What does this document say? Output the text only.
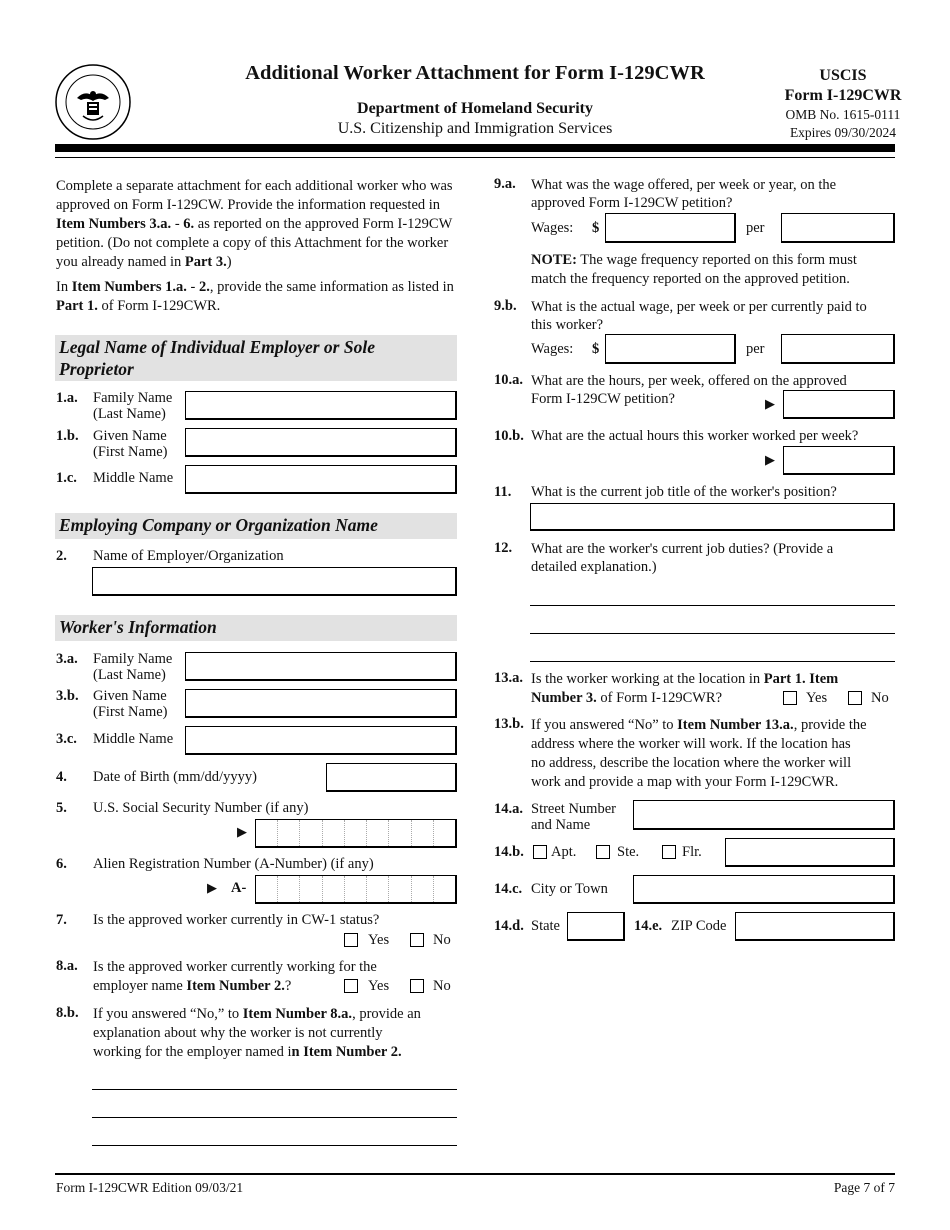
Additional Worker Attachment for Form I-129CWR
Department of Homeland Security
U.S. Citizenship and Immigration Services
USCIS
Form I-129CWR
OMB No. 1615-0111
Expires 09/30/2024
Complete a separate attachment for each additional worker who was approved on Form I-129CW. Provide the information requested in Item Numbers 3.a. - 6. as reported on the approved Form I-129CW petition. (Do not complete a copy of this Attachment for the worker you already named in Part 3.)
In Item Numbers 1.a. - 2., provide the same information as listed in Part 1. of Form I-129CWR.
Legal Name of Individual Employer or Sole Proprietor
1.a. Family Name
(Last Name)
1.b. Given Name
(First Name)
1.c. Middle Name
Employing Company or Organization Name
2. Name of Employer/Organization
Worker's Information
3.a. Family Name
(Last Name)
3.b. Given Name
(First Name)
3.c. Middle Name
4. Date of Birth (mm/dd/yyyy)
5. U.S. Social Security Number (if any)
▶
6. Alien Registration Number (A-Number) (if any)
▶ A-
7. Is the approved worker currently in CW-1 status?
Yes	No
8.a. Is the approved worker currently working for the
employer name Item Number 2.?	Yes	No
8.b. If you answered “No,” to Item Number 8.a., provide an
explanation about why the worker is not currently
working for the employer named in Item Number 2.
9.a. What was the wage offered, per week or year, on the
approved Form I-129CW petition?
Wages: $	per
NOTE: The wage frequency reported on this form must
match the frequency reported on the approved petition.
9.b. What is the actual wage, per week or per currently paid to
this worker?
Wages: $	per
10.a. What are the hours, per week, offered on the approved
Form I-129CW petition?	▶
10.b. What are the actual hours this worker worked per week?
▶
11. What is the current job title of the worker's position?
12. What are the worker's current job duties? (Provide a
detailed explanation.)
13.a. Is the worker working at the location in Part 1. Item
Number 3. of Form I-129CWR?	Yes	No
13.b. If you answered “No” to Item Number 13.a., provide the
address where the worker will work. If the location has
no address, describe the location where the worker will
work and provide a map with your Form I-129CWR.
14.a. Street Number
and Name
14.b. Apt.	Ste.	Flr.
14.c. City or Town
14.d. State	14.e. ZIP Code
Form I-129CWR Edition 09/03/21	Page 7 of 7
